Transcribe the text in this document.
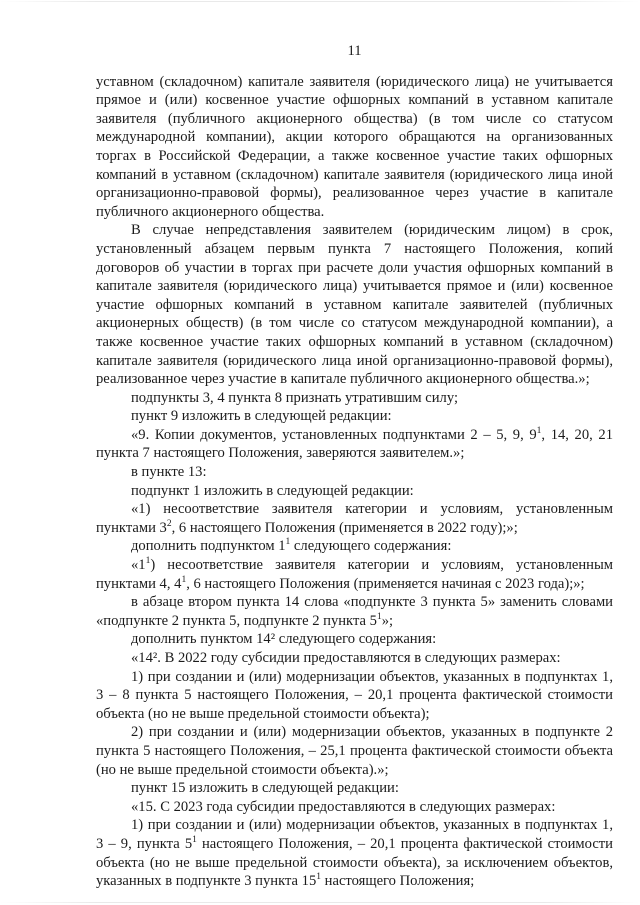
11

уставном (складочном) капитале заявителя (юридического лица) не учитывается прямое и (или) косвенное участие офшорных компаний в уставном капитале заявителя (публичного акционерного общества) (в том числе со статусом международной компании), акции которого обращаются на организованных торгах в Российской Федерации, а также косвенное участие таких офшорных компаний в уставном (складочном) капитале заявителя (юридического лица иной организационно-правовой формы), реализованное через участие в капитале публичного акционерного общества.

В случае непредставления заявителем (юридическим лицом) в срок, установленный абзацем первым пункта 7 настоящего Положения, копий договоров об участии в торгах при расчете доли участия офшорных компаний в капитале заявителя (юридического лица) учитывается прямое и (или) косвенное участие офшорных компаний в уставном капитале заявителей (публичных акционерных обществ) (в том числе со статусом международной компании), а также косвенное участие таких офшорных компаний в уставном (складочном) капитале заявителя (юридического лица иной организационно-правовой формы), реализованное через участие в капитале публичного акционерного общества.»;

подпункты 3, 4 пункта 8 признать утратившим силу;

пункт 9 изложить в следующей редакции:

«9. Копии документов, установленных подпунктами 2 – 5, 9, $9^1$, 14, 20, 21 пункта 7 настоящего Положения, заверяются заявителем.»;

в пункте 13:

подпункт 1 изложить в следующей редакции:

«1) несоответствие заявителя категории и условиям, установленным пунктами $3^2$, 6 настоящего Положения (применяется в 2022 году);»;

дополнить подпунктом $1^1$ следующего содержания:

«$1^1$) несоответствие заявителя категории и условиям, установленным пунктами 4, $4^1$, 6 настоящего Положения (применяется начиная с 2023 года);»;

в абзаце втором пункта 14 слова «подпункте 3 пункта 5» заменить словами «подпункте 2 пункта 5, подпункте 2 пункта $5^1$»;

дополнить пунктом 14² следующего содержания:

«14². В 2022 году субсидии предоставляются в следующих размерах:

1) при создании и (или) модернизации объектов, указанных в подпунктах 1, 3 – 8 пункта 5 настоящего Положения, – 20,1 процента фактической стоимости объекта (но не выше предельной стоимости объекта);

2) при создании и (или) модернизации объектов, указанных в подпункте 2 пункта 5 настоящего Положения, – 25,1 процента фактической стоимости объекта (но не выше предельной стоимости объекта).»;

пункт 15 изложить в следующей редакции:

«15. С 2023 года субсидии предоставляются в следующих размерах:

1) при создании и (или) модернизации объектов, указанных в подпунктах 1, 3 – 9, пункта $5^1$ настоящего Положения, – 20,1 процента фактической стоимости объекта (но не выше предельной стоимости объекта), за исключением объектов, указанных в подпункте 3 пункта $15^1$ настоящего Положения;
